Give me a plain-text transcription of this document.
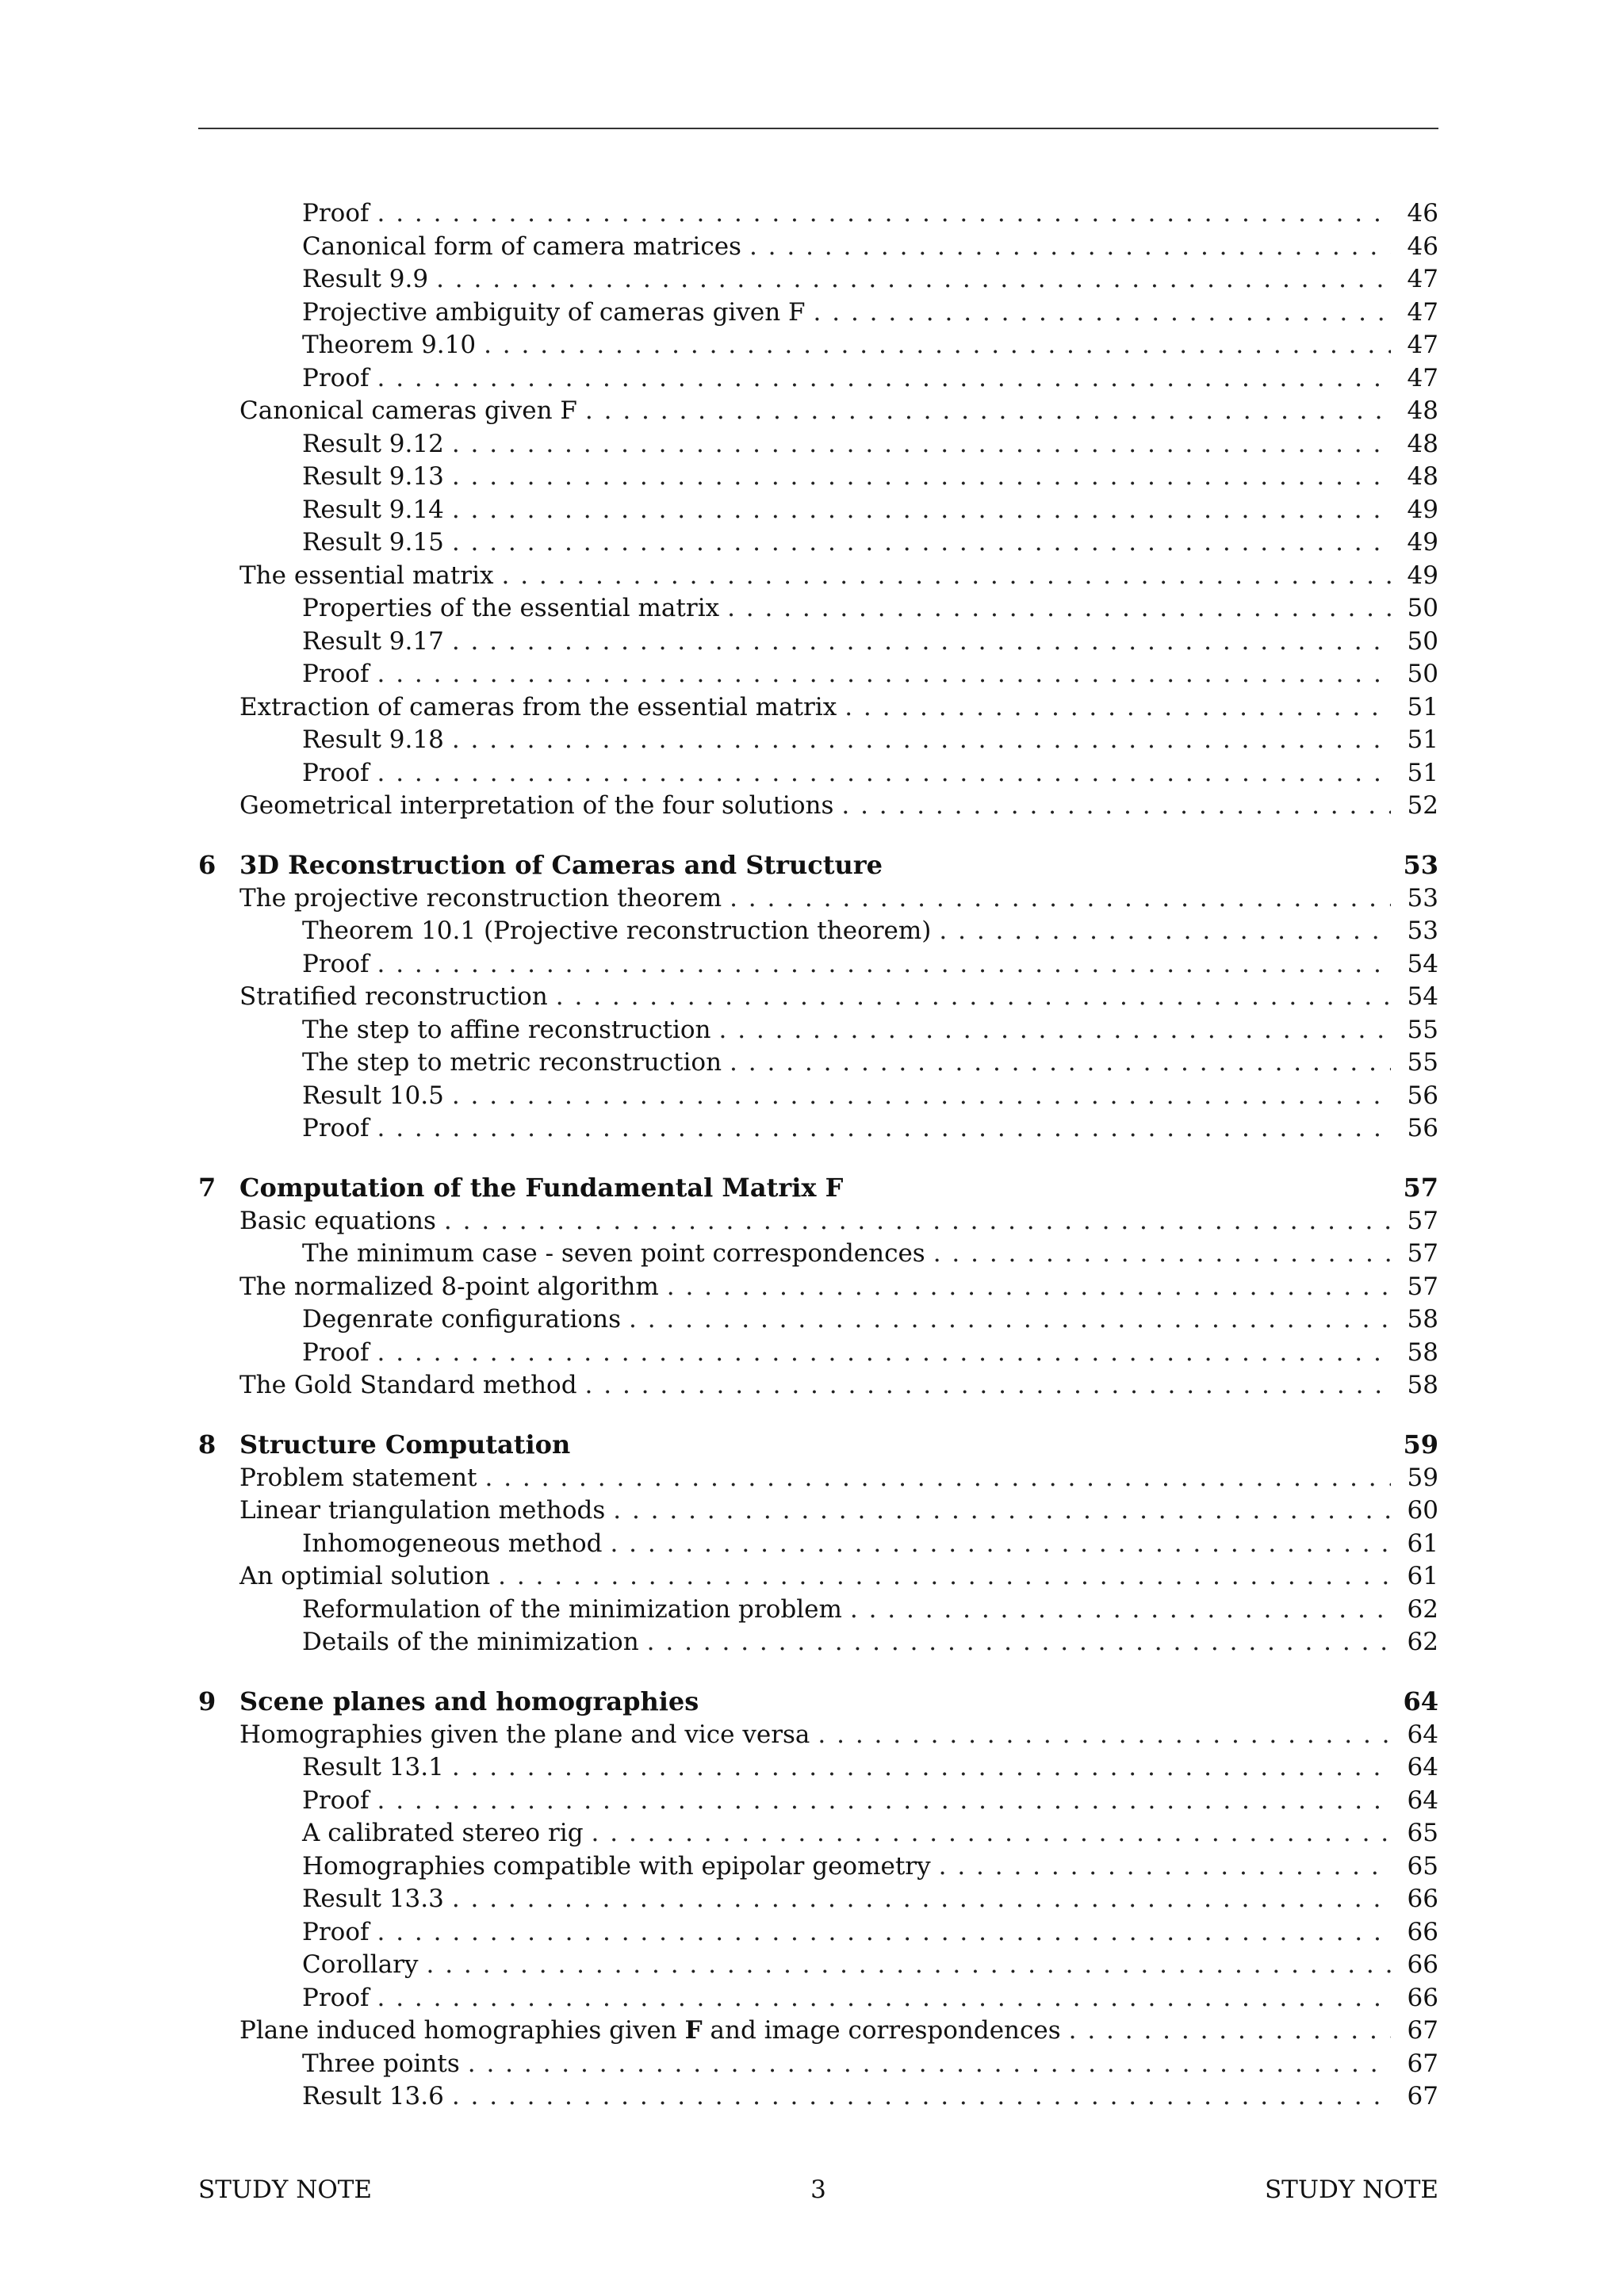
Proof . . .	46
Canonical form of camera matrices . . .	46
Result 9.9 . . .	47
Projective ambiguity of cameras given F . . .	47
Theorem 9.10 . . .	47
Proof . . .	47
Canonical cameras given F . . .	48
Result 9.12 . . .	48
Result 9.13 . . .	48
Result 9.14 . . .	49
Result 9.15 . . .	49
The essential matrix . . .	49
Properties of the essential matrix . . .	50
Result 9.17 . . .	50
Proof . . .	50
Extraction of cameras from the essential matrix . . .	51
Result 9.18 . . .	51
Proof . . .	51
Geometrical interpretation of the four solutions . . .	52
6 3D Reconstruction of Cameras and Structure	53
The projective reconstruction theorem . . .	53
Theorem 10.1 (Projective reconstruction theorem) . . .	53
Proof . . .	54
Stratified reconstruction . . .	54
The step to affine reconstruction . . .	55
The step to metric reconstruction . . .	55
Result 10.5 . . .	56
Proof . . .	56
7 Computation of the Fundamental Matrix F	57
Basic equations . . .	57
The minimum case - seven point correspondences . . .	57
The normalized 8-point algorithm . . .	57
Degenrate configurations . . .	58
Proof . . .	58
The Gold Standard method . . .	58
8 Structure Computation	59
Problem statement . . .	59
Linear triangulation methods . . .	60
Inhomogeneous method . . .	61
An optimial solution . . .	61
Reformulation of the minimization problem . . .	62
Details of the minimization . . .	62
9 Scene planes and homographies	64
Homographies given the plane and vice versa . . .	64
Result 13.1 . . .	64
Proof . . .	64
A calibrated stereo rig . . .	65
Homographies compatible with epipolar geometry . . .	65
Result 13.3 . . .	66
Proof . . .	66
Corollary . . .	66
Proof . . .	66
Plane induced homographies given F and image correspondences . . .	67
Three points . . .	67
Result 13.6 . . .	67
STUDY NOTE	3	STUDY NOTE
